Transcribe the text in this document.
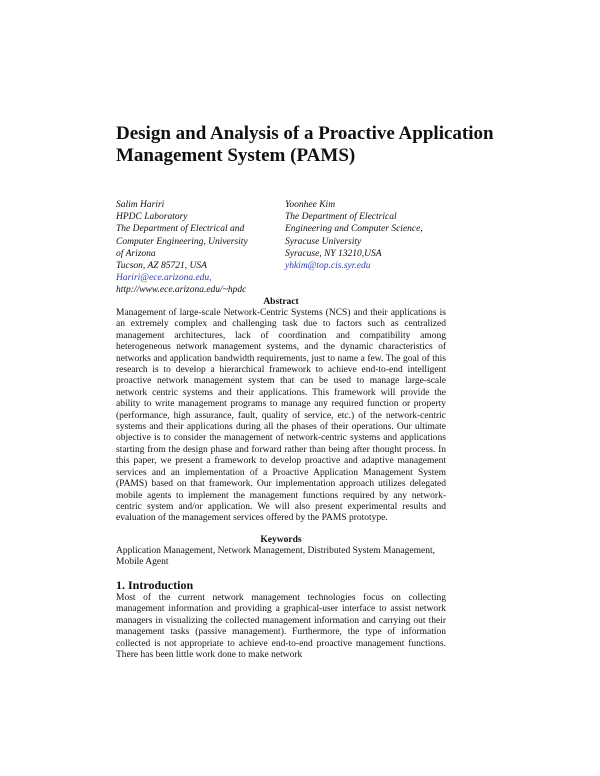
Design and Analysis of a Proactive Application Management System (PAMS)
Salim Hariri
HPDC Laboratory
The Department of Electrical and
Computer Engineering, University
of Arizona
Tucson, AZ 85721, USA
Hariri@ece.arizona.edu,
http://www.ece.arizona.edu/~hpdc
Yoonhee Kim
The Department of Electrical
Engineering and Computer Science,
Syracuse University
Syracuse, NY 13210,USA
yhkim@top.cis.syr.edu
Abstract

Management of large-scale Network-Centric Systems (NCS) and their applications is an extremely complex and challenging task due to factors such as centralized management architectures, lack of coordination and compatibility among heterogeneous network management systems, and the dynamic characteristics of networks and application bandwidth requirements, just to name a few. The goal of this research is to develop a hierarchical framework to achieve end-to-end intelligent proactive network management system that can be used to manage large-scale network centric systems and their applications. This framework will provide the ability to write management programs to manage any required function or property (performance, high assurance, fault, quality of service, etc.) of the network-centric systems and their applications during all the phases of their operations. Our ultimate objective is to consider the management of network-centric systems and applications starting from the design phase and forward rather than being after thought process. In this paper, we present a framework to develop proactive and adaptive management services and an implementation of a Proactive Application Management System (PAMS) based on that framework. Our implementation approach utilizes delegated mobile agents to implement the management functions required by any network-centric system and/or application. We will also present experimental results and evaluation of the management services offered by the PAMS prototype.

Keywords

Application Management, Network Management, Distributed System Management, Mobile Agent

1. Introduction

Most of the current network management technologies focus on collecting management information and providing a graphical-user interface to assist network managers in visualizing the collected management information and carrying out their management tasks (passive management). Furthermore, the type of information collected is not appropriate to achieve end-to-end proactive management functions. There has been little work done to make network
